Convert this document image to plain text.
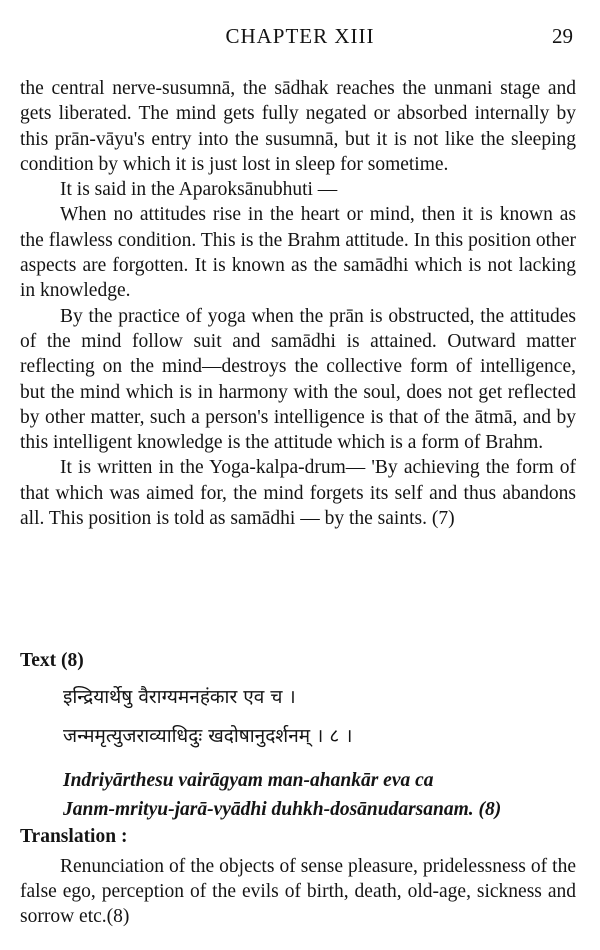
CHAPTER XIII	29

the central nerve-susumnā, the sādhak reaches the unmani stage and gets liberated. The mind gets fully negated or absorbed internally by this prān-vāyu's entry into the susumnā, but it is not like the sleeping condition by which it is just lost in sleep for sometime.

It is said in the Aparoksānubhuti —

When no attitudes rise in the heart or mind, then it is known as the flawless condition. This is the Brahm attitude. In this position other aspects are forgotten. It is known as the samādhi which is not lacking in knowledge.

By the practice of yoga when the prān is obstructed, the attitudes of the mind follow suit and samādhi is attained. Outward matter reflecting on the mind—destroys the collective form of intelligence, but the mind which is in harmony with the soul, does not get reflected by other matter, such a person's intelligence is that of the ātmā, and by this intelligent knowledge is the attitude which is a form of Brahm.

It is written in the Yoga-kalpa-drum— 'By achieving the form of that which was aimed for, the mind forgets its self and thus abandons all. This position is told as samādhi — by the saints. (7)

Text (8)
इन्द्रियार्थेषु वैराग्यमनहंकार एव च ।
जन्ममृत्युजराव्याधिदुः खदोषानुदर्शनम् । ८ ।
Indriyārthesu vairāgyam man-ahankār eva ca
Janm-mrityu-jarā-vyādhi duhkh-dosānudarsanam. (8)
Translation :

Renunciation of the objects of sense pleasure, pridelessness of the false ego, perception of the evils of birth, death, old-age, sickness and sorrow etc.(8)
